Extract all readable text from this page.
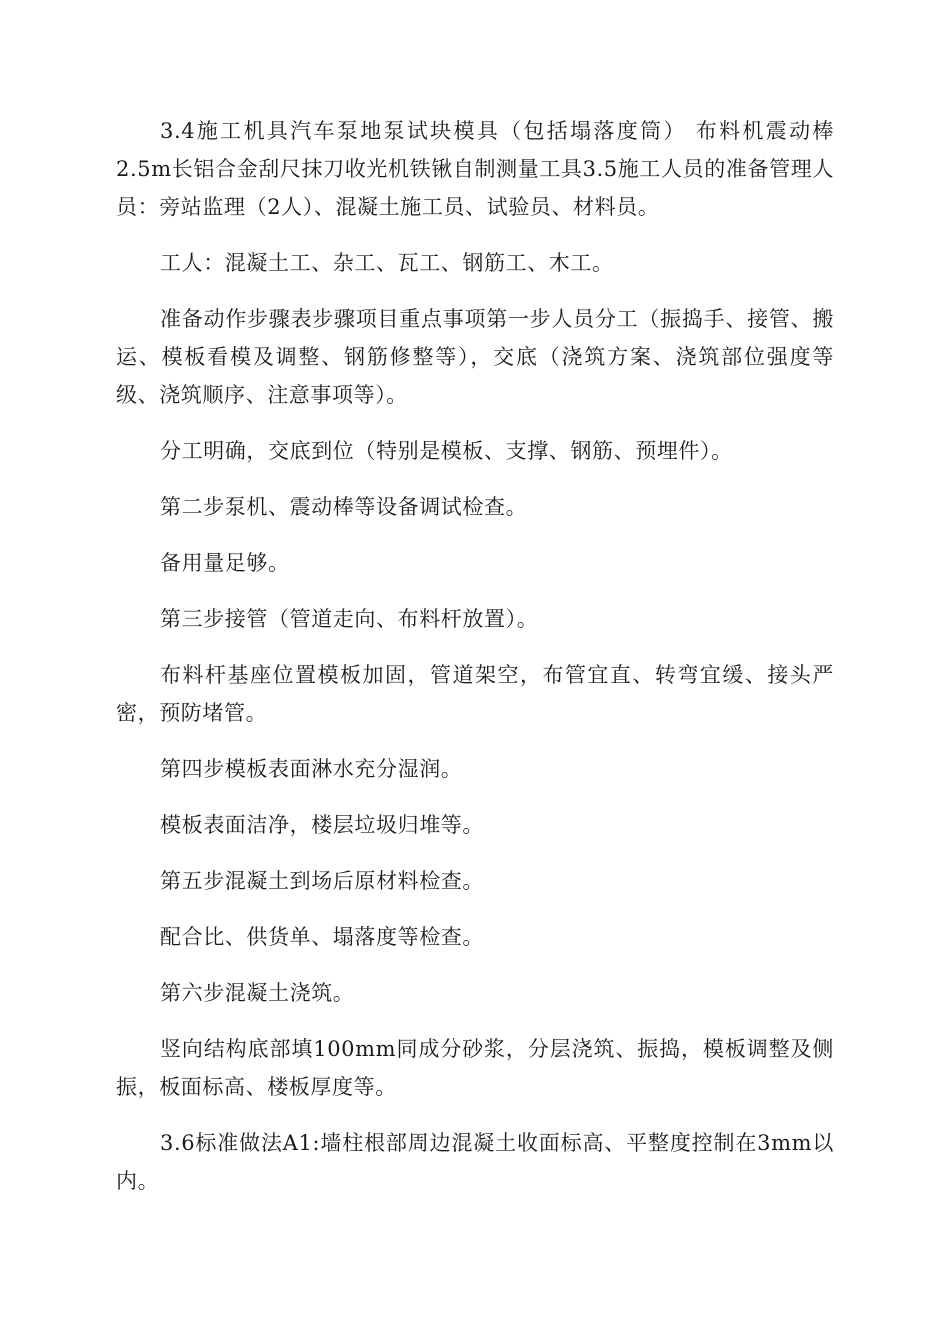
3.4施工机具汽车泵地泵试块模具（包括塌落度筒） 布料机震动棒2.5m长铝合金刮尺抹刀收光机铁锹自制测量工具3.5施工人员的准备管理人员：旁站监理（2人）、混凝土施工员、试验员、材料员。

工人：混凝土工、杂工、瓦工、钢筋工、木工。

准备动作步骤表步骤项目重点事项第一步人员分工（振捣手、接管、搬运、模板看模及调整、钢筋修整等），交底（浇筑方案、浇筑部位强度等级、浇筑顺序、注意事项等）。

分工明确，交底到位（特别是模板、支撑、钢筋、预埋件）。

第二步泵机、震动棒等设备调试检查。

备用量足够。

第三步接管（管道走向、布料杆放置）。

布料杆基座位置模板加固，管道架空，布管宜直、转弯宜缓、接头严密，预防堵管。

第四步模板表面淋水充分湿润。

模板表面洁净，楼层垃圾归堆等。

第五步混凝土到场后原材料检查。

配合比、供货单、塌落度等检查。

第六步混凝土浇筑。

竖向结构底部填100mm同成分砂浆，分层浇筑、振捣，模板调整及侧振，板面标高、楼板厚度等。

3.6标准做法A1:墙柱根部周边混凝土收面标高、平整度控制在3mm以内。
